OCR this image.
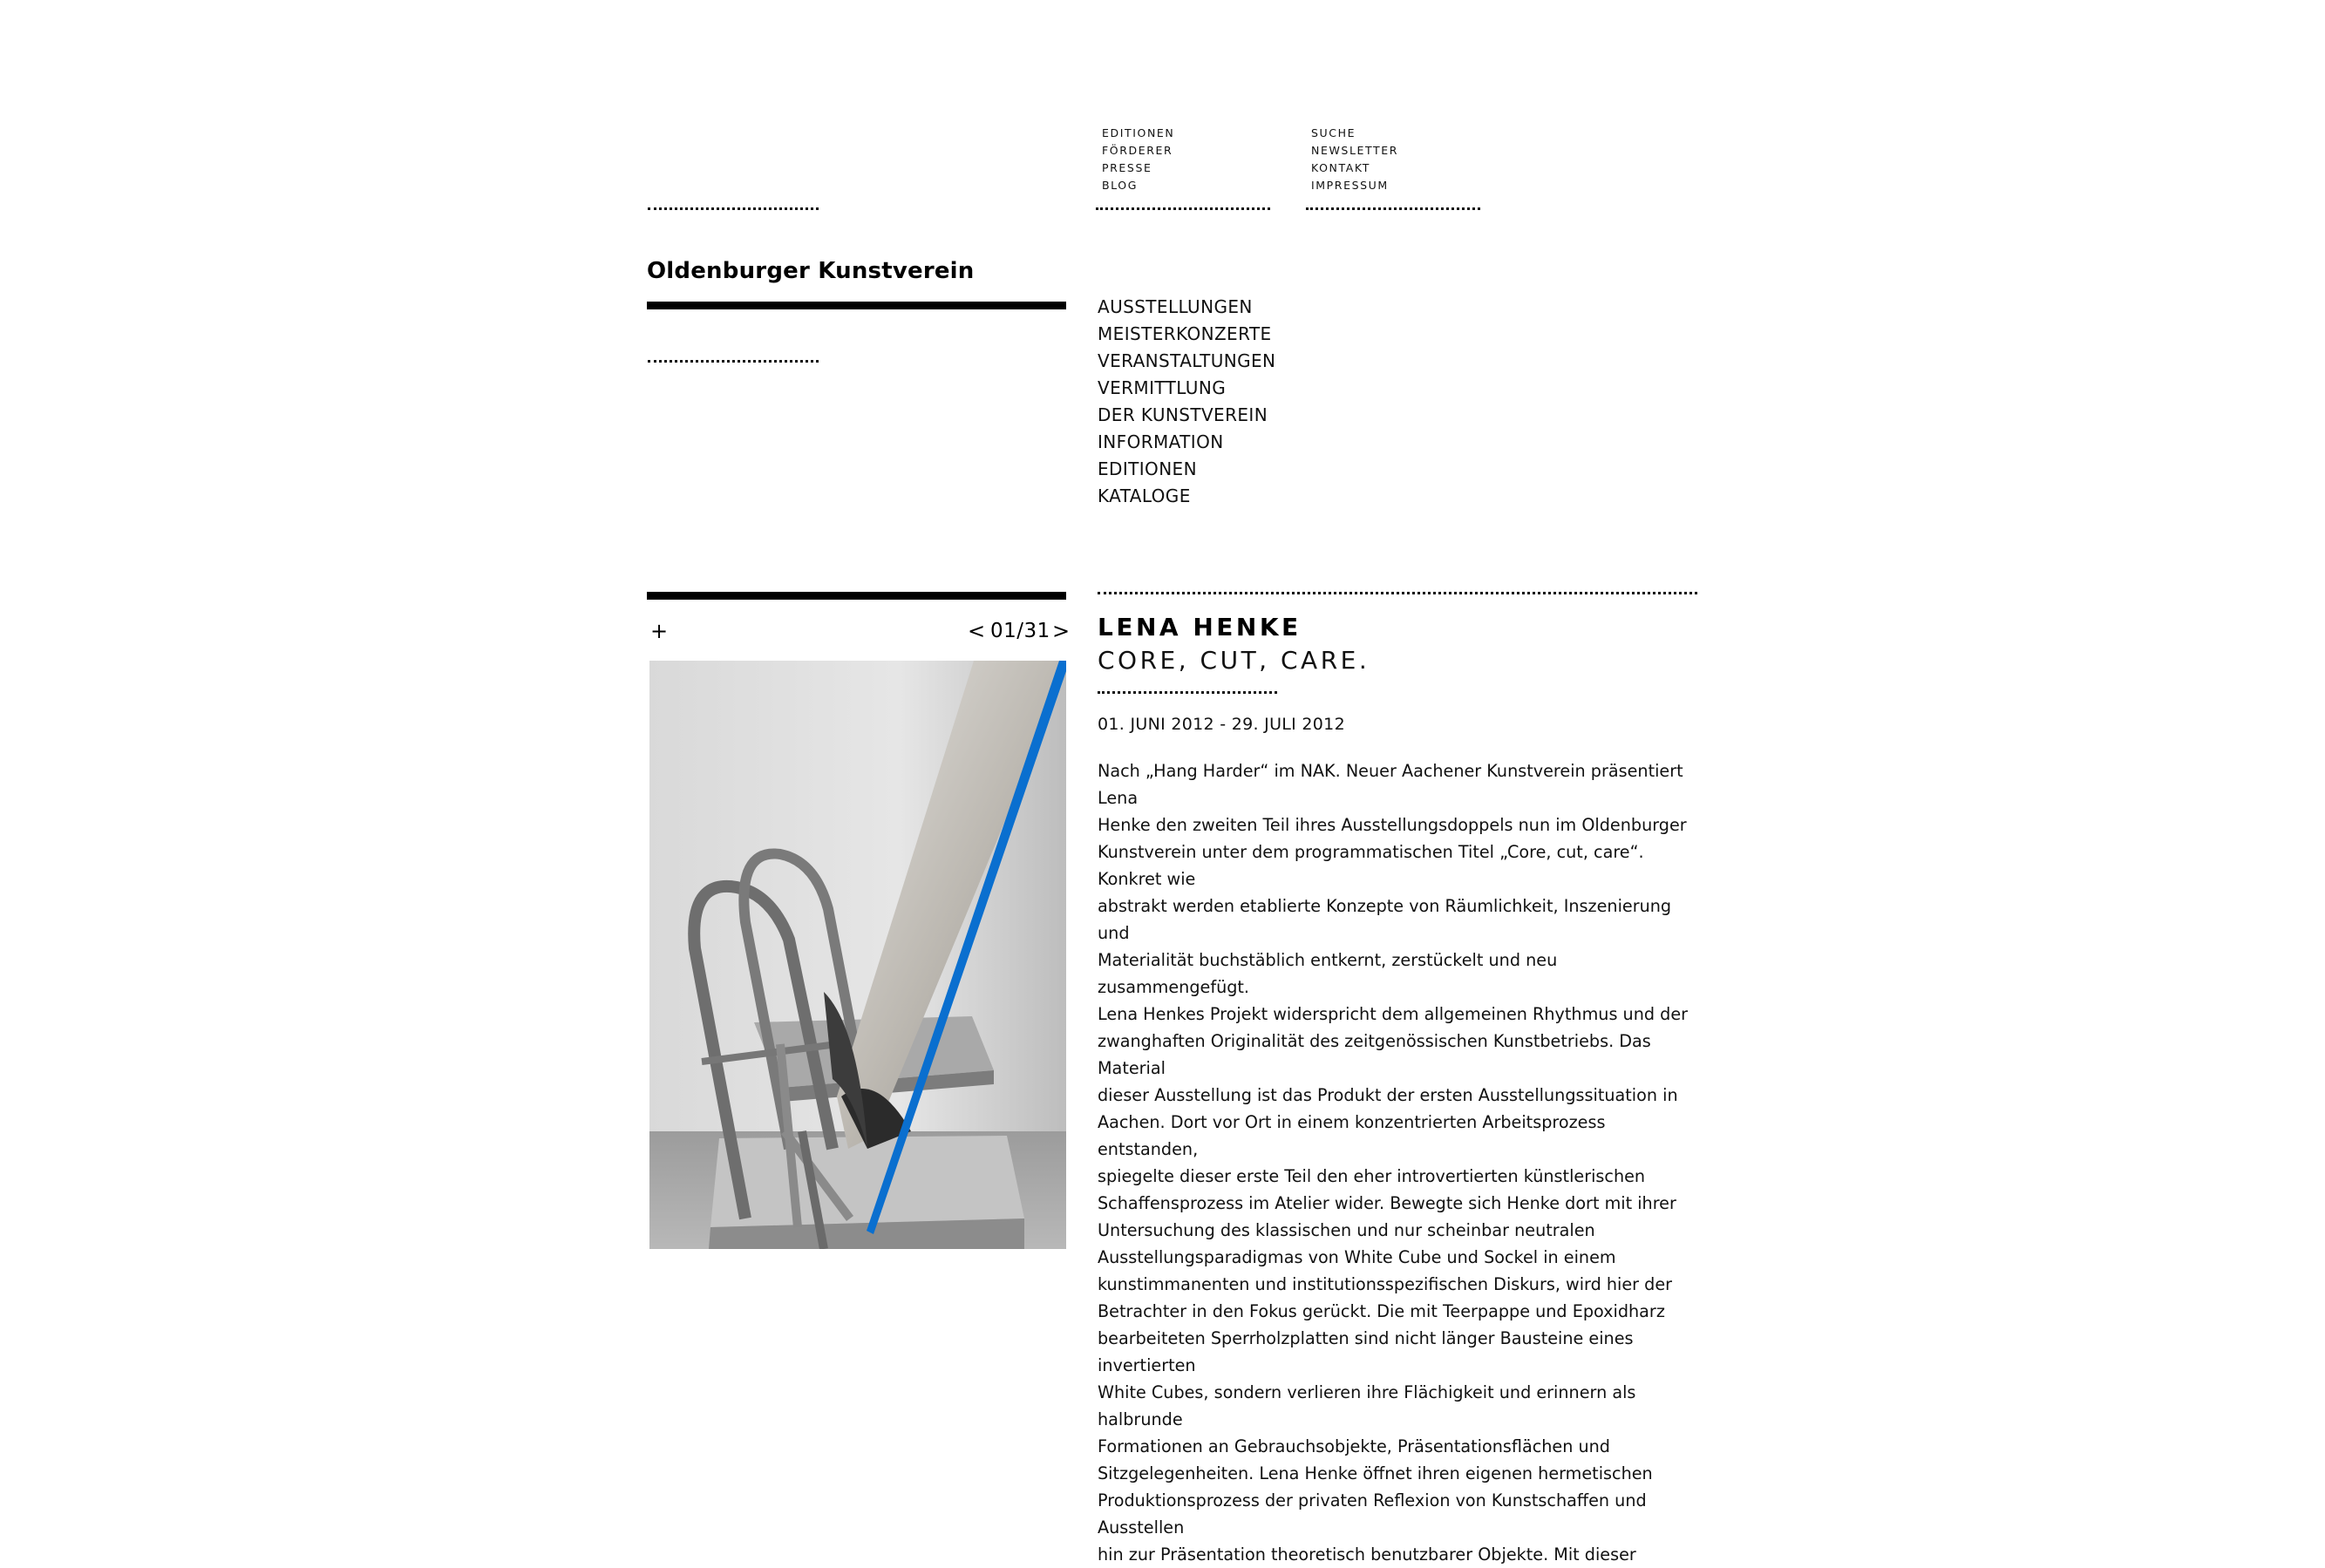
EDITIONEN
FÖRDERER
PRESSE
BLOG
SUCHE
NEWSLETTER
KONTAKT
IMPRESSUM
Oldenburger Kunstverein
AUSSTELLUNGEN
MEISTERKONZERTE
VERANSTALTUNGEN
VERMITTLUNG
DER KUNSTVEREIN
INFORMATION
EDITIONEN
KATALOGE
+	< 01/31 > LENA HENKE
CORE, CUT, CARE.
01. JUNI 2012 - 29. JULI 2012
Nach „Hang Harder“ im NAK. Neuer Aachener Kunstverein präsentiert Lena
Henke den zweiten Teil ihres Ausstellungsdoppels nun im Oldenburger
Kunstverein unter dem programmatischen Titel „Core, cut, care“. Konkret wie
abstrakt werden etablierte Konzepte von Räumlichkeit, Inszenierung und
Materialität buchstäblich entkernt, zerstückelt und neu zusammengefügt.
Lena Henkes Projekt widerspricht dem allgemeinen Rhythmus und der
zwanghaften Originalität des zeitgenössischen Kunstbetriebs. Das Material
dieser Ausstellung ist das Produkt der ersten Ausstellungssituation in
Aachen. Dort vor Ort in einem konzentrierten Arbeitsprozess entstanden,
spiegelte dieser erste Teil den eher introvertierten künstlerischen
Schaffensprozess im Atelier wider. Bewegte sich Henke dort mit ihrer
Untersuchung des klassischen und nur scheinbar neutralen
Ausstellungsparadigmas von White Cube und Sockel in einem
kunstimmanenten und institutionsspezifischen Diskurs, wird hier der
Betrachter in den Fokus gerückt. Die mit Teerpappe und Epoxidharz
bearbeiteten Sperrholzplatten sind nicht länger Bausteine eines invertierten
White Cubes, sondern verlieren ihre Flächigkeit und erinnern als halbrunde
Formationen an Gebrauchsobjekte, Präsentationsflächen und
Sitzgelegenheiten. Lena Henke öffnet ihren eigenen hermetischen
Produktionsprozess der privaten Reflexion von Kunstschaffen und Ausstellen
hin zur Präsentation theoretisch benutzbarer Objekte. Mit dieser
